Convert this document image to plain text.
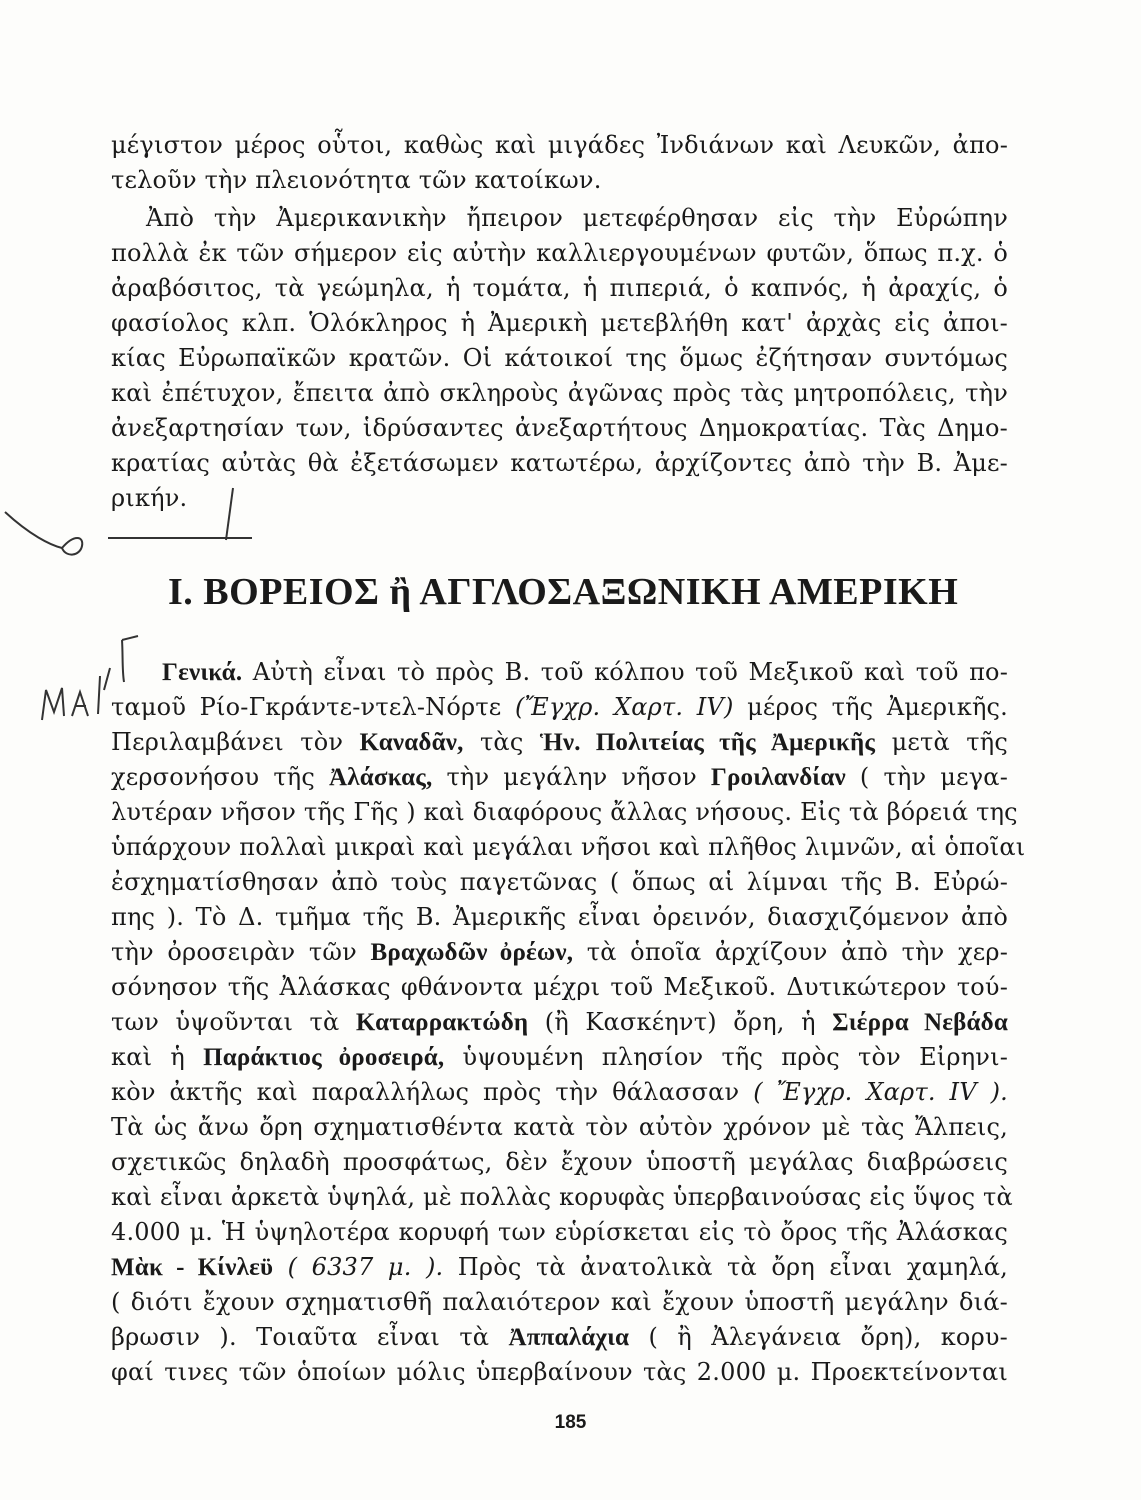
μέγιστον μέρος οὗτοι, καθὼς καὶ μιγάδες Ἰνδιάνων καὶ Λευκῶν, ἀπο-
τελοῦν τὴν πλειονότητα τῶν κατοίκων.
Ἀπὸ τὴν Ἀμερικανικὴν ἤπειρον μετεφέρθησαν εἰς τὴν Εὐρώπην
πολλὰ ἐκ τῶν σήμερον εἰς αὐτὴν καλλιεργουμένων φυτῶν, ὅπως π.χ. ὁ
ἀραβόσιτος, τὰ γεώμηλα, ἡ τομάτα, ἡ πιπεριά, ὁ καπνός, ἡ ἀραχίς, ὁ
φασίολος κλπ. Ὁλόκληρος ἡ Ἀμερικὴ μετεβλήθη κατ' ἀρχὰς εἰς ἀποι-
κίας Εὐρωπαϊκῶν κρατῶν. Οἱ κάτοικοί της ὅμως ἐζήτησαν συντόμως
καὶ ἐπέτυχον, ἔπειτα ἀπὸ σκληροὺς ἀγῶνας πρὸς τὰς μητροπόλεις, τὴν
ἀνεξαρτησίαν των, ἱδρύσαντες ἀνεξαρτήτους Δημοκρατίας. Τὰς Δημο-
κρατίας αὐτὰς θὰ ἐξετάσωμεν κατωτέρω, ἀρχίζοντες ἀπὸ τὴν Β. Ἀμε-
ρικήν.
Ι. ΒΟΡΕΙΟΣ ἢ ΑΓΓΛΟΣΑΞΩΝΙΚΗ ΑΜΕΡΙΚΗ
Γενικά. Αὐτὴ εἶναι τὸ πρὸς Β. τοῦ κόλπου τοῦ Μεξικοῦ καὶ τοῦ πο-
ταμοῦ Ρίο-Γκράντε-ντελ-Νόρτε (Ἔγχρ. Χαρτ. IV) μέρος τῆς Ἀμερικῆς.
Περιλαμβάνει τὸν Καναδᾶν, τὰς Ἡν. Πολιτείας τῆς Ἀμερικῆς μετὰ τῆς
χερσονήσου τῆς Ἀλάσκας, τὴν μεγάλην νῆσον Γροιλανδίαν ( τὴν μεγα-
λυτέραν νῆσον τῆς Γῆς ) καὶ διαφόρους ἄλλας νήσους. Εἰς τὰ βόρειά της
ὑπάρχουν πολλαὶ μικραὶ καὶ μεγάλαι νῆσοι καὶ πλῆθος λιμνῶν, αἱ ὁποῖαι
ἐσχηματίσθησαν ἀπὸ τοὺς παγετῶνας ( ὅπως αἱ λίμναι τῆς Β. Εὐρώ-
πης ). Τὸ Δ. τμῆμα τῆς Β. Ἀμερικῆς εἶναι ὀρεινόν, διασχιζόμενον ἀπὸ
τὴν ὀροσειρὰν τῶν Βραχωδῶν ὀρέων, τὰ ὁποῖα ἀρχίζουν ἀπὸ τὴν χερ-
σόνησον τῆς Ἀλάσκας φθάνοντα μέχρι τοῦ Μεξικοῦ. Δυτικώτερον τού-
των ὑψοῦνται τὰ Καταρρακτώδη (ἢ Κασκέηντ) ὄρη, ἡ Σιέρρα Νεβάδα
καὶ ἡ Παράκτιος ὀροσειρά, ὑψουμένη πλησίον τῆς πρὸς τὸν Εἰρηνι-
κὸν ἀκτῆς καὶ παραλλήλως πρὸς τὴν θάλασσαν ( Ἔγχρ. Χαρτ. IV ).
Τὰ ὡς ἄνω ὄρη σχηματισθέντα κατὰ τὸν αὐτὸν χρόνον μὲ τὰς Ἄλπεις,
σχετικῶς δηλαδὴ προσφάτως, δὲν ἔχουν ὑποστῆ μεγάλας διαβρώσεις
καὶ εἶναι ἀρκετὰ ὑψηλά, μὲ πολλὰς κορυφὰς ὑπερβαινούσας εἰς ὕψος τὰ
4.000 μ. Ἡ ὑψηλοτέρα κορυφή των εὑρίσκεται εἰς τὸ ὄρος τῆς Ἀλάσκας
Μὰκ - Κίνλεϋ ( 6337 μ. ). Πρὸς τὰ ἀνατολικὰ τὰ ὄρη εἶναι χαμηλά,
( διότι ἔχουν σχηματισθῆ παλαιότερον καὶ ἔχουν ὑποστῆ μεγάλην διά-
βρωσιν ). Τοιαῦτα εἶναι τὰ Ἀππαλάχια ( ἢ Ἀλεγάνεια ὄρη), κορυ-
φαί τινες τῶν ὁποίων μόλις ὑπερβαίνουν τὰς 2.000 μ. Προεκτείνονται
185
